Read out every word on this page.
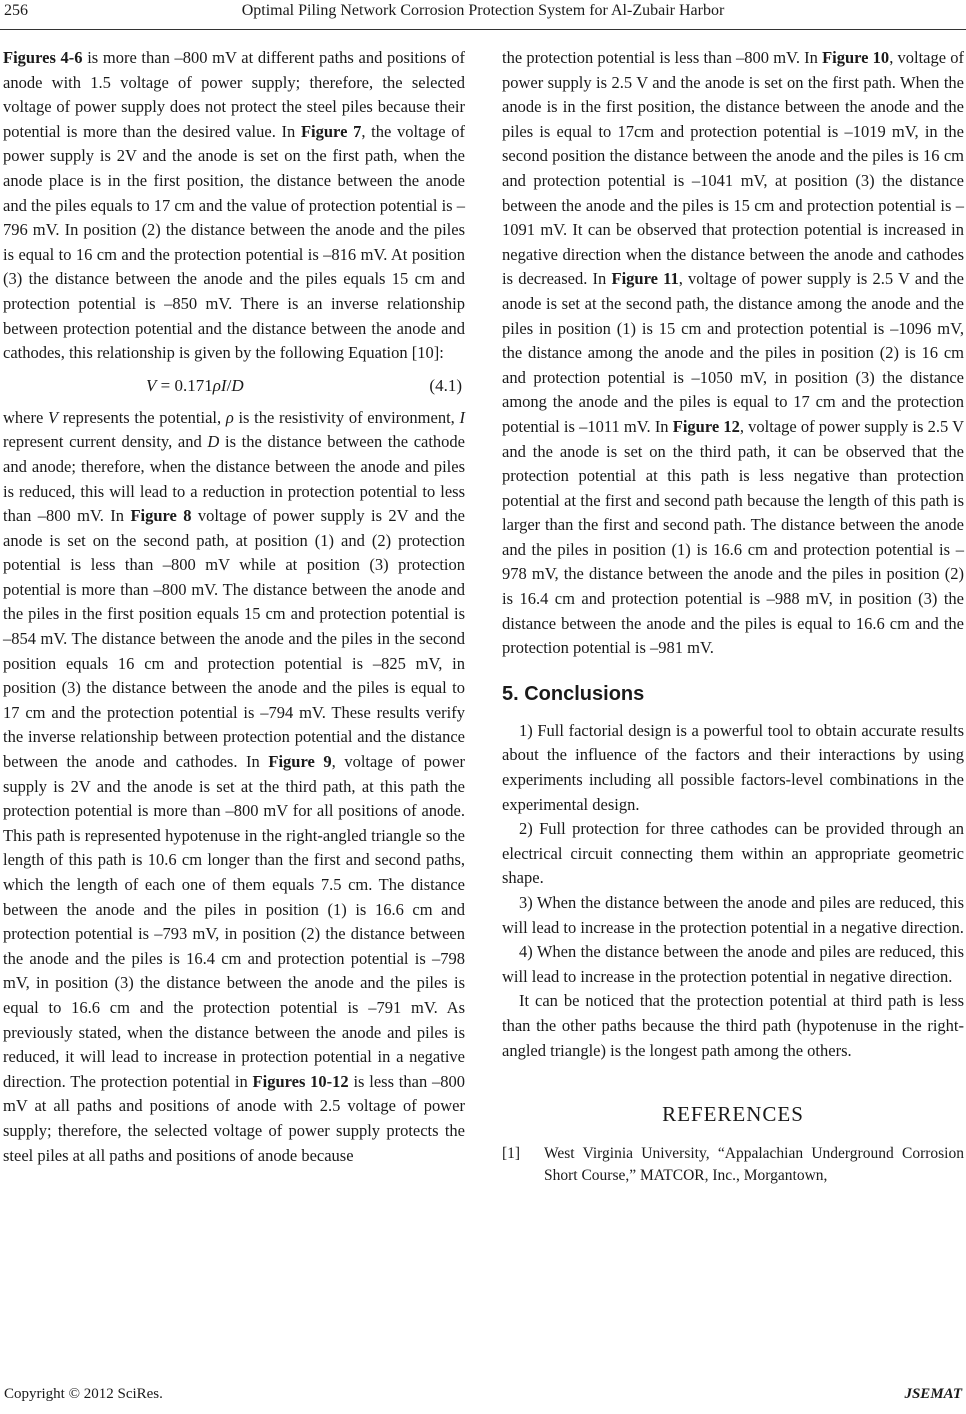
256	Optimal Piling Network Corrosion Protection System for Al-Zubair Harbor

Figures 4-6 is more than –800 mV at different paths and positions of anode with 1.5 voltage of power supply; therefore, the selected voltage of power supply does not protect the steel piles because their potential is more than the desired value. In Figure 7, the voltage of power supply is 2V and the anode is set on the first path, when the anode place is in the first position, the distance between the anode and the piles equals to 17 cm and the value of protection potential is –796 mV. In position (2) the distance between the anode and the piles is equal to 16 cm and the protection potential is –816 mV. At position (3) the distance between the anode and the piles equals 15 cm and protection potential is –850 mV. There is an inverse relationship between protection potential and the distance between the anode and cathodes, this relationship is given by the following Equation [10]:

V = 0.171ρI/D	(4.1)

where V represents the potential, ρ is the resistivity of environment, I represent current density, and D is the distance between the cathode and anode; therefore, when the distance between the anode and piles is reduced, this will lead to a reduction in protection potential to less than –800 mV. In Figure 8 voltage of power supply is 2V and the anode is set on the second path, at position (1) and (2) protection potential is less than –800 mV while at position (3) protection potential is more than –800 mV. The distance between the anode and the piles in the first position equals 15 cm and protection potential is –854 mV. The distance between the anode and the piles in the second position equals 16 cm and protection potential is –825 mV, in position (3) the distance between the anode and the piles is equal to 17 cm and the protection potential is –794 mV. These results verify the inverse relationship between protection potential and the distance between the anode and cathodes. In Figure 9, voltage of power supply is 2V and the anode is set at the third path, at this path the protection potential is more than –800 mV for all positions of anode. This path is represented hypotenuse in the right-angled triangle so the length of this path is 10.6 cm longer than the first and second paths, which the length of each one of them equals 7.5 cm. The distance between the anode and the piles in position (1) is 16.6 cm and protection potential is –793 mV, in position (2) the distance between the anode and the piles is 16.4 cm and protection potential is –798 mV, in position (3) the distance between the anode and the piles is equal to 16.6 cm and the protection potential is –791 mV. As previously stated, when the distance between the anode and piles is reduced, it will lead to increase in protection potential in a negative direction. The protection potential in Figures 10-12 is less than –800 mV at all paths and positions of anode with 2.5 voltage of power supply; therefore, the selected voltage of power supply protects the steel piles at all paths and positions of anode because

the protection potential is less than –800 mV. In Figure 10, voltage of power supply is 2.5 V and the anode is set on the first path. When the anode is in the first position, the distance between the anode and the piles is equal to 17cm and protection potential is –1019 mV, in the second position the distance between the anode and the piles is 16 cm and protection potential is –1041 mV, at position (3) the distance between the anode and the piles is 15 cm and protection potential is –1091 mV. It can be observed that protection potential is increased in negative direction when the distance between the anode and cathodes is decreased. In Figure 11, voltage of power supply is 2.5 V and the anode is set at the second path, the distance among the anode and the piles in position (1) is 15 cm and protection potential is –1096 mV, the distance among the anode and the piles in position (2) is 16 cm and protection potential is –1050 mV, in position (3) the distance among the anode and the piles is equal to 17 cm and the protection potential is –1011 mV. In Figure 12, voltage of power supply is 2.5 V and the anode is set on the third path, it can be observed that the protection potential at this path is less negative than protection potential at the first and second path because the length of this path is larger than the first and second path. The distance between the anode and the piles in position (1) is 16.6 cm and protection potential is –978 mV, the distance between the anode and the piles in position (2) is 16.4 cm and protection potential is –988 mV, in position (3) the distance between the anode and the piles is equal to 16.6 cm and the protection potential is –981 mV.

5. Conclusions

1) Full factorial design is a powerful tool to obtain accurate results about the influence of the factors and their interactions by using experiments including all possible factors-level combinations in the experimental design.

2) Full protection for three cathodes can be provided through an electrical circuit connecting them within an appropriate geometric shape.

3) When the distance between the anode and piles are reduced, this will lead to increase in the protection potential in a negative direction.

4) When the distance between the anode and piles are reduced, this will lead to increase in the protection potential in negative direction.

It can be noticed that the protection potential at third path is less than the other paths because the third path (hypotenuse in the right-angled triangle) is the longest path among the others.

REFERENCES
[1]	West Virginia University, “Appalachian Underground Corrosion Short Course,” MATCOR, Inc., Morgantown,
Copyright © 2012 SciRes.	JSEMAT
